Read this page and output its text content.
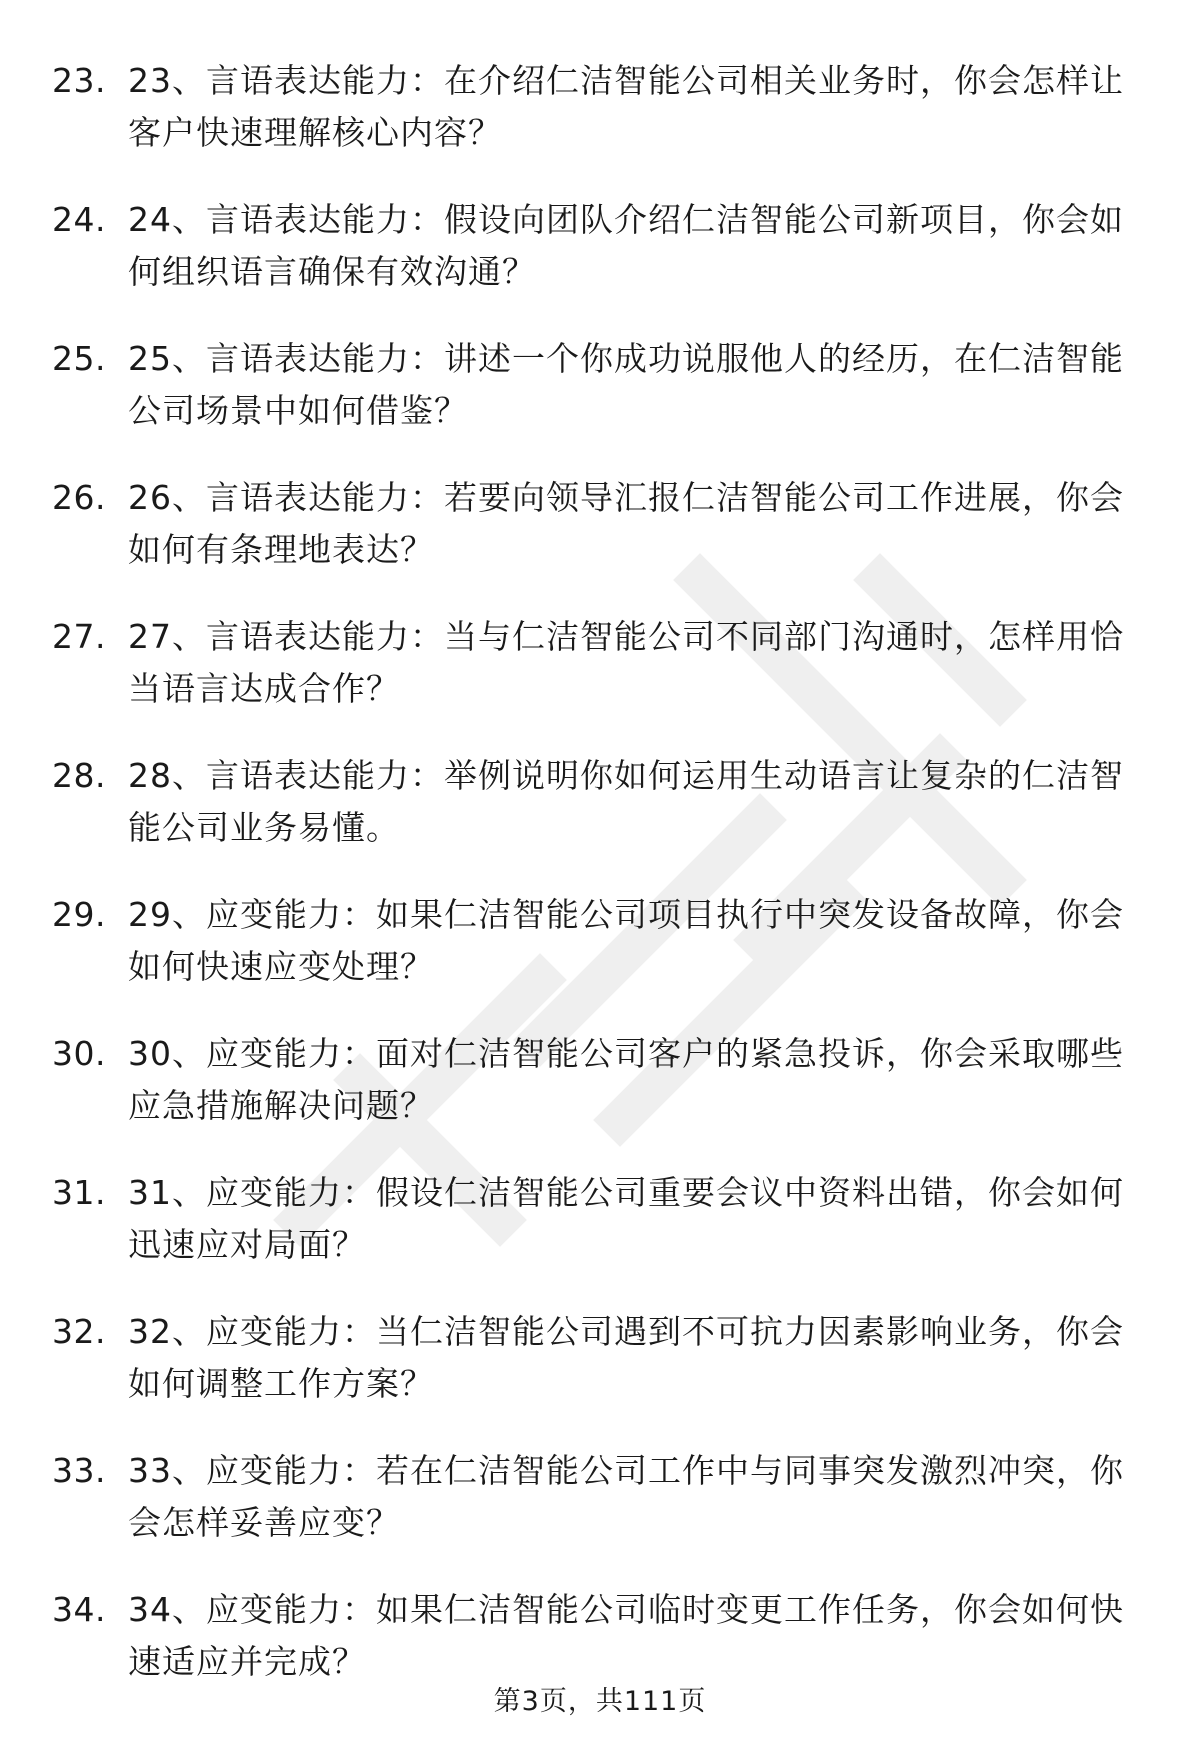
23. 23、言语表达能力：在介绍仁洁智能公司相关业务时，你会怎样让客户快速理解核心内容？
24. 24、言语表达能力：假设向团队介绍仁洁智能公司新项目，你会如何组织语言确保有效沟通？
25. 25、言语表达能力：讲述一个你成功说服他人的经历，在仁洁智能公司场景中如何借鉴？
26. 26、言语表达能力：若要向领导汇报仁洁智能公司工作进展，你会如何有条理地表达？
27. 27、言语表达能力：当与仁洁智能公司不同部门沟通时，怎样用恰当语言达成合作？
28. 28、言语表达能力：举例说明你如何运用生动语言让复杂的仁洁智能公司业务易懂。
29. 29、应变能力：如果仁洁智能公司项目执行中突发设备故障，你会如何快速应变处理？
30. 30、应变能力：面对仁洁智能公司客户的紧急投诉，你会采取哪些应急措施解决问题？
31. 31、应变能力：假设仁洁智能公司重要会议中资料出错，你会如何迅速应对局面？
32. 32、应变能力：当仁洁智能公司遇到不可抗力因素影响业务，你会如何调整工作方案？
33. 33、应变能力：若在仁洁智能公司工作中与同事突发激烈冲突，你会怎样妥善应变？
34. 34、应变能力：如果仁洁智能公司临时变更工作任务，你会如何快速适应并完成？
第3页，共111页
